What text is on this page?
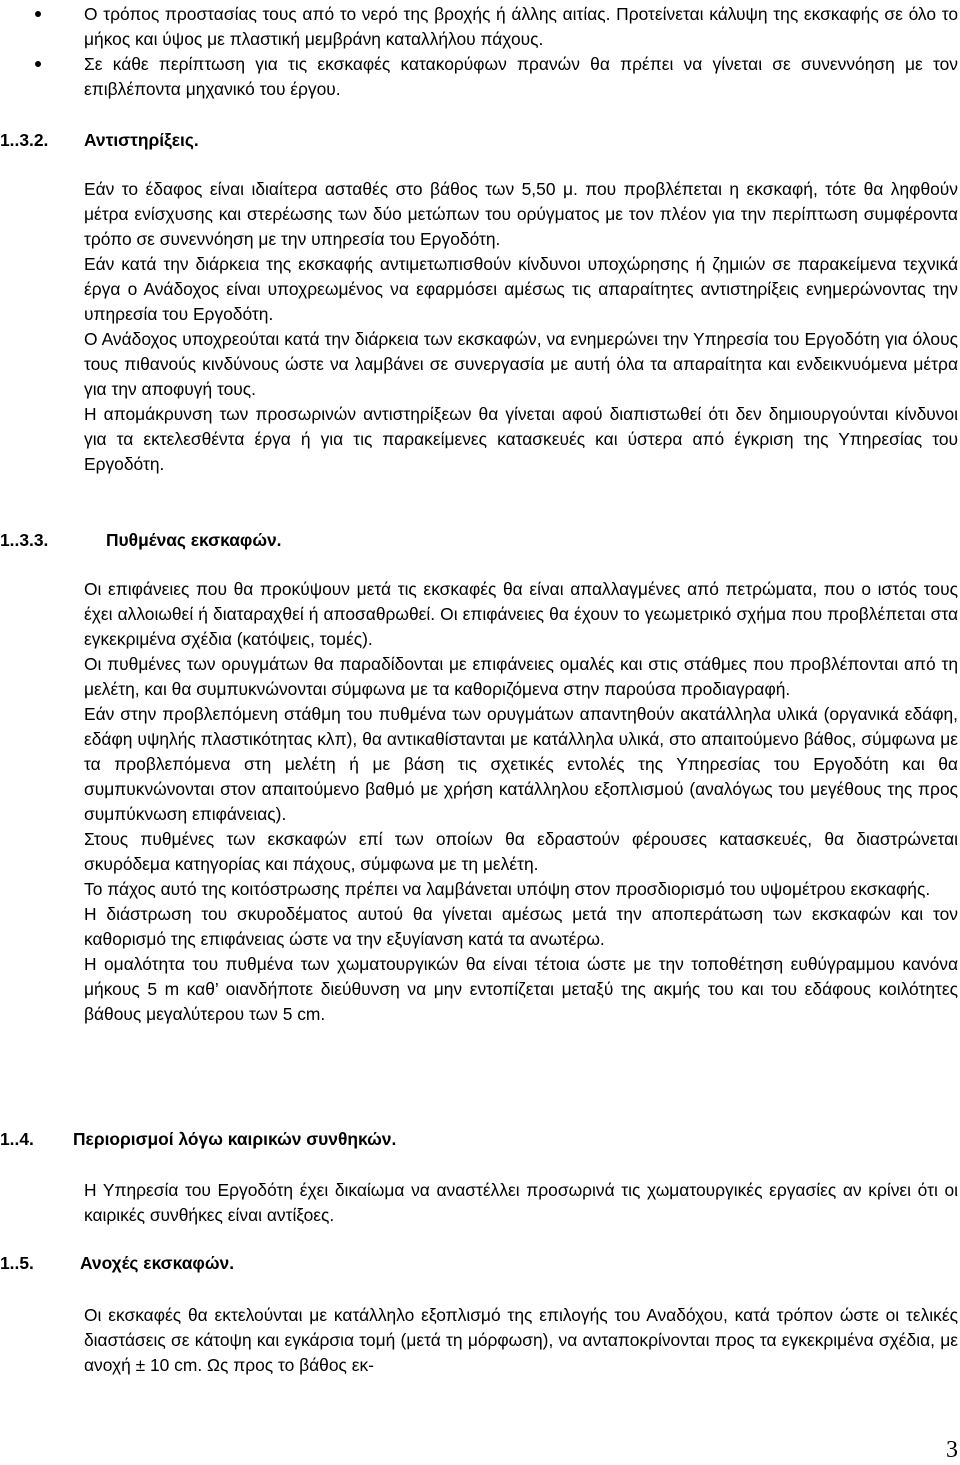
Ο τρόπος προστασίας τους από το νερό της βροχής ή άλλης αιτίας. Προτείνεται κάλυψη της εκσκαφής σε όλο το μήκος και ύψος με πλαστική μεμβράνη καταλλήλου πάχους.
Σε κάθε περίπτωση για τις εκσκαφές κατακορύφων πρανών θα πρέπει να γίνεται σε συνεννόηση με τον επιβλέποντα μηχανικό του έργου.
1..3.2. Αντιστηρίξεις.

Εάν το έδαφος είναι ιδιαίτερα ασταθές στο βάθος των 5,50 μ. που προβλέπεται η εκσκαφή, τότε θα ληφθούν μέτρα ενίσχυσης και στερέωσης των δύο μετώπων του ορύγματος με τον πλέον για την περίπτωση συμφέροντα τρόπο σε συνεννόηση με την υπηρεσία του Εργοδότη.

Εάν κατά την διάρκεια της εκσκαφής αντιμετωπισθούν κίνδυνοι υποχώρησης ή ζημιών σε παρακείμενα τεχνικά έργα ο Ανάδοχος είναι υποχρεωμένος να εφαρμόσει αμέσως τις απαραίτητες αντιστηρίξεις ενημερώνοντας την υπηρεσία του Εργοδότη.

Ο Ανάδοχος υποχρεούται κατά την διάρκεια των εκσκαφών, να ενημερώνει την Υπηρεσία του Εργοδότη για όλους τους πιθανούς κινδύνους ώστε να λαμβάνει σε συνεργασία με αυτή όλα τα απαραίτητα και ενδεικνυόμενα μέτρα για την αποφυγή τους.

Η απομάκρυνση των προσωρινών αντιστηρίξεων θα γίνεται αφού διαπιστωθεί ότι δεν δημιουργούνται κίνδυνοι για τα εκτελεσθέντα έργα ή για τις παρακείμενες κατασκευές και ύστερα από έγκριση της Υπηρεσίας του Εργοδότη.

1..3.3.	Πυθμένας εκσκαφών.

Οι επιφάνειες που θα προκύψουν μετά τις εκσκαφές θα είναι απαλλαγμένες από πετρώματα, που ο ιστός τους έχει αλλοιωθεί ή διαταραχθεί ή αποσαθρωθεί. Οι επιφάνειες θα έχουν το γεωμετρικό σχήμα που προβλέπεται στα εγκεκριμένα σχέδια (κατόψεις, τομές).

Οι πυθμένες των ορυγμάτων θα παραδίδονται με επιφάνειες ομαλές και στις στάθμες που προβλέπονται από τη μελέτη, και θα συμπυκνώνονται σύμφωνα με τα καθοριζόμενα στην παρούσα προδιαγραφή.

Εάν στην προβλεπόμενη στάθμη του πυθμένα των ορυγμάτων απαντηθούν ακατάλληλα υλικά (οργανικά εδάφη, εδάφη υψηλής πλαστικότητας κλπ), θα αντικαθίστανται με κατάλληλα υλικά, στο απαιτούμενο βάθος, σύμφωνα με τα προβλεπόμενα στη μελέτη ή με βάση τις σχετικές εντολές της Υπηρεσίας του Εργοδότη και θα συμπυκνώνονται στον απαιτούμενο βαθμό με χρήση κατάλληλου εξοπλισμού (αναλόγως του μεγέθους της προς συμπύκνωση επιφάνειας).

Στους πυθμένες των εκσκαφών επί των οποίων θα εδραστούν φέρουσες κατασκευές, θα διαστρώνεται σκυρόδεμα κατηγορίας και πάχους, σύμφωνα με τη μελέτη.

Το πάχος αυτό της κοιτόστρωσης πρέπει να λαμβάνεται υπόψη στον προσδιορισμό του υψομέτρου εκσκαφής.

Η διάστρωση του σκυροδέματος αυτού θα γίνεται αμέσως μετά την αποπεράτωση των εκσκαφών και τον καθορισμό της επιφάνειας ώστε να την εξυγίανση κατά τα ανωτέρω.

Η ομαλότητα του πυθμένα των χωματουργικών θα είναι τέτοια ώστε με την τοποθέτηση ευθύγραμμου κανόνα μήκους 5 m καθ’ οιανδήποτε διεύθυνση να μην εντοπίζεται μεταξύ της ακμής του και του εδάφους κοιλότητες βάθους μεγαλύτερου των 5 cm.

1..4. Περιορισμοί λόγω καιρικών συνθηκών.

Η Υπηρεσία του Εργοδότη έχει δικαίωμα να αναστέλλει προσωρινά τις χωματουργικές εργασίες αν κρίνει ότι οι καιρικές συνθήκες είναι αντίξοες.

1..5.	Ανοχές εκσκαφών.

Οι εκσκαφές θα εκτελούνται με κατάλληλο εξοπλισμό της επιλογής του Αναδόχου, κατά τρόπον ώστε οι τελικές διαστάσεις σε κάτοψη και εγκάρσια τομή (μετά τη μόρφωση), να ανταποκρίνονται προς τα εγκεκριμένα σχέδια, με ανοχή ± 10 cm. Ως προς το βάθος εκ-

3
